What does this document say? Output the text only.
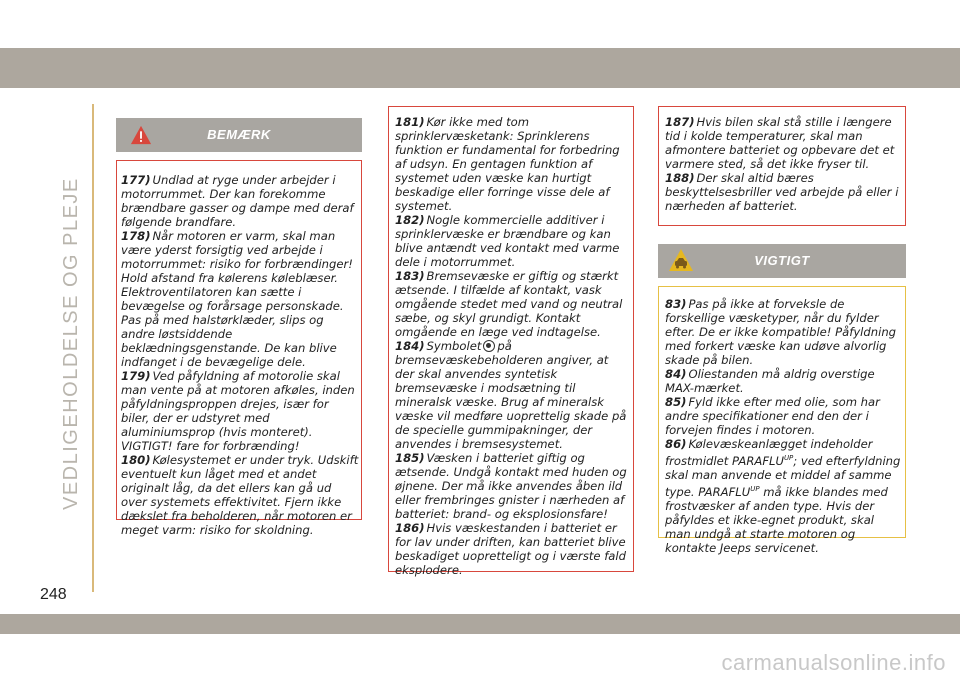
VEDLIGEHOLDELSE OG PLEJE
248
carmanualsonline.info
BEMÆRK

177) Undlad at ryge under arbejder i motorrummet. Der kan forekomme brændbare gasser og dampe med deraf følgende brandfare.

178) Når motoren er varm, skal man være yderst forsigtig ved arbejde i motorrummet: risiko for forbrændinger! Hold afstand fra kølerens køleblæser. Elektroventilatoren kan sætte i bevægelse og forårsage personskade. Pas på med halstørklæder, slips og andre løstsiddende beklædningsgenstande. De kan blive indfanget i de bevægelige dele.

179) Ved påfyldning af motorolie skal man vente på at motoren afkøles, inden påfyldningsproppen drejes, især for biler, der er udstyret med aluminiumsprop (hvis monteret). VIGTIGT! fare for forbrænding!

180) Kølesystemet er under tryk. Udskift eventuelt kun låget med et andet originalt låg, da det ellers kan gå ud over systemets effektivitet. Fjern ikke dækslet fra beholderen, når motoren er meget varm: risiko for skoldning.

181) Kør ikke med tom sprinklervæsketank: Sprinklerens funktion er fundamental for forbedring af udsyn. En gentagen funktion af systemet uden væske kan hurtigt beskadige eller forringe visse dele af systemet.

182) Nogle kommercielle additiver i sprinklervæske er brændbare og kan blive antændt ved kontakt med varme dele i motorrummet.

183) Bremsevæske er giftig og stærkt ætsende. I tilfælde af kontakt, vask omgående stedet med vand og neutral sæbe, og skyl grundigt. Kontakt omgående en læge ved indtagelse.

184) Symbolet på bremsevæskebeholderen angiver, at der skal anvendes syntetisk bremsevæske i modsætning til mineralsk væske. Brug af mineralsk væske vil medføre uoprettelig skade på de specielle gummipakninger, der anvendes i bremsesystemet.

185) Væsken i batteriet giftig og ætsende. Undgå kontakt med huden og øjnene. Der må ikke anvendes åben ild eller frembringes gnister i nærheden af batteriet: brand- og eksplosionsfare!

186) Hvis væskestanden i batteriet er for lav under driften, kan batteriet blive beskadiget uopretteligt og i værste fald eksplodere.

187) Hvis bilen skal stå stille i længere tid i kolde temperaturer, skal man afmontere batteriet og opbevare det et varmere sted, så det ikke fryser til.

188) Der skal altid bæres beskyttelsesbriller ved arbejde på eller i nærheden af batteriet.

VIGTIGT

83) Pas på ikke at forveksle de forskellige væsketyper, når du fylder efter. De er ikke kompatible! Påfyldning med forkert væske kan udøve alvorlig skade på bilen.

84) Oliestanden må aldrig overstige MAX-mærket.

85) Fyld ikke efter med olie, som har andre specifikationer end den der i forvejen findes i motoren.

86) Kølevæskeanlægget indeholder frostmidlet $PARAFLU^{UP}$; ved efterfyldning skal man anvende et middel af samme type. $PARAFLU^{UP}$ må ikke blandes med frostvæsker af anden type. Hvis der påfyldes et ikke-egnet produkt, skal man undgå at starte motoren og kontakte Jeeps servicenet.
